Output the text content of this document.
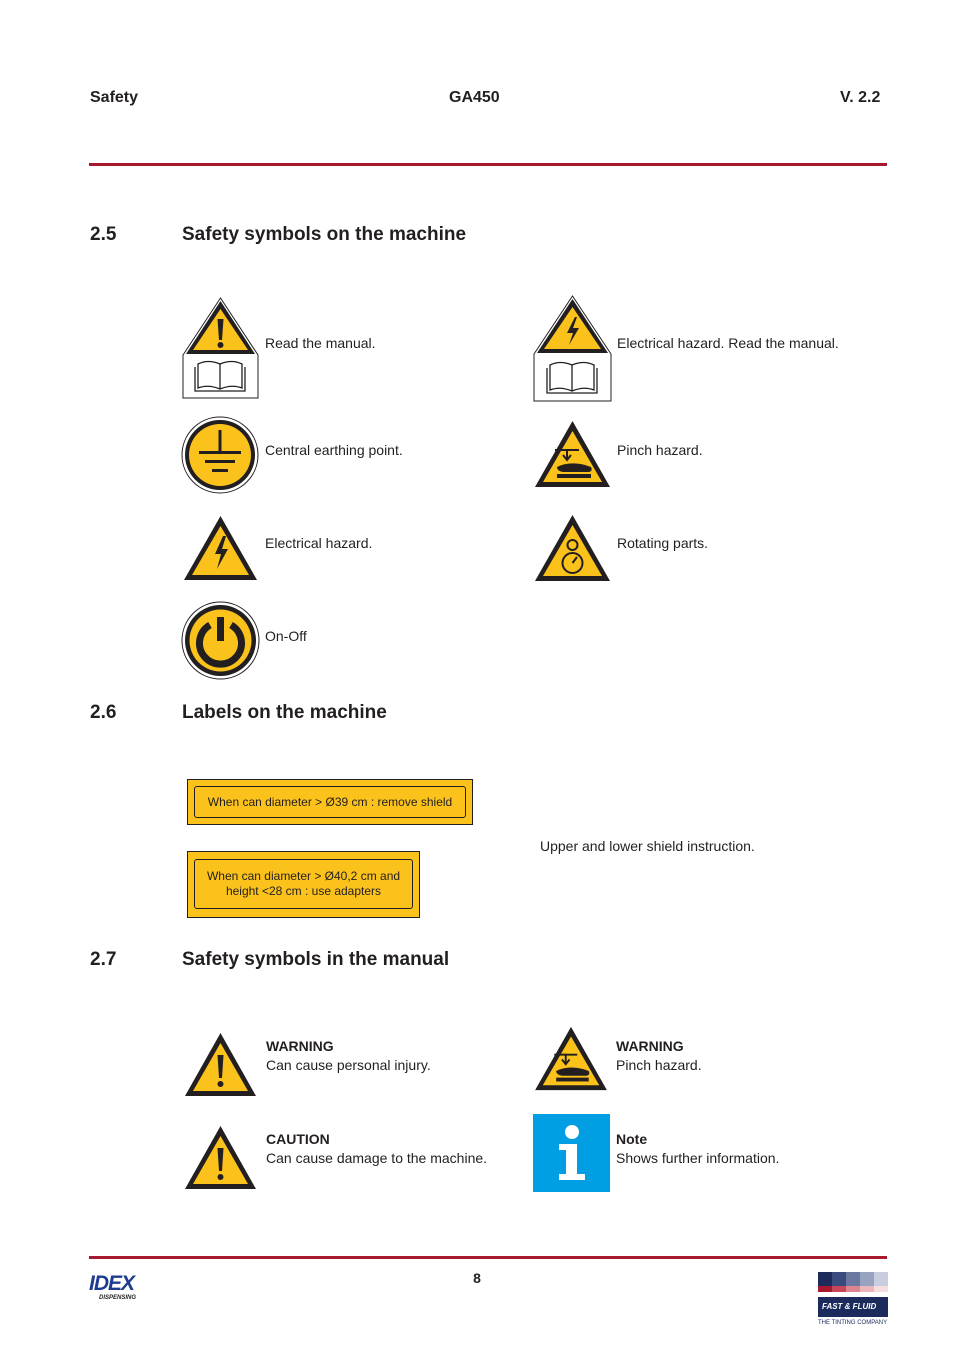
Safety	GA450	V. 2.2
2.5	Safety symbols on the machine
Read the manual.	Electrical hazard. Read the manual.
Central earthing point.	Pinch hazard.
Electrical hazard.	Rotating parts.
On-Off
2.6	Labels on the machine
When can diameter > Ø39 cm : remove shield
When can diameter > Ø40,2 cm and
height <28 cm : use adapters
Upper and lower shield instruction.
2.7	Safety symbols in the manual
WARNING
Can cause personal injury.
WARNING
Pinch hazard.
CAUTION
Can cause damage to the machine.
Note
Shows further information.
8
IDEX
DISPENSING
FAST & FLUID
THE TINTING COMPANY
